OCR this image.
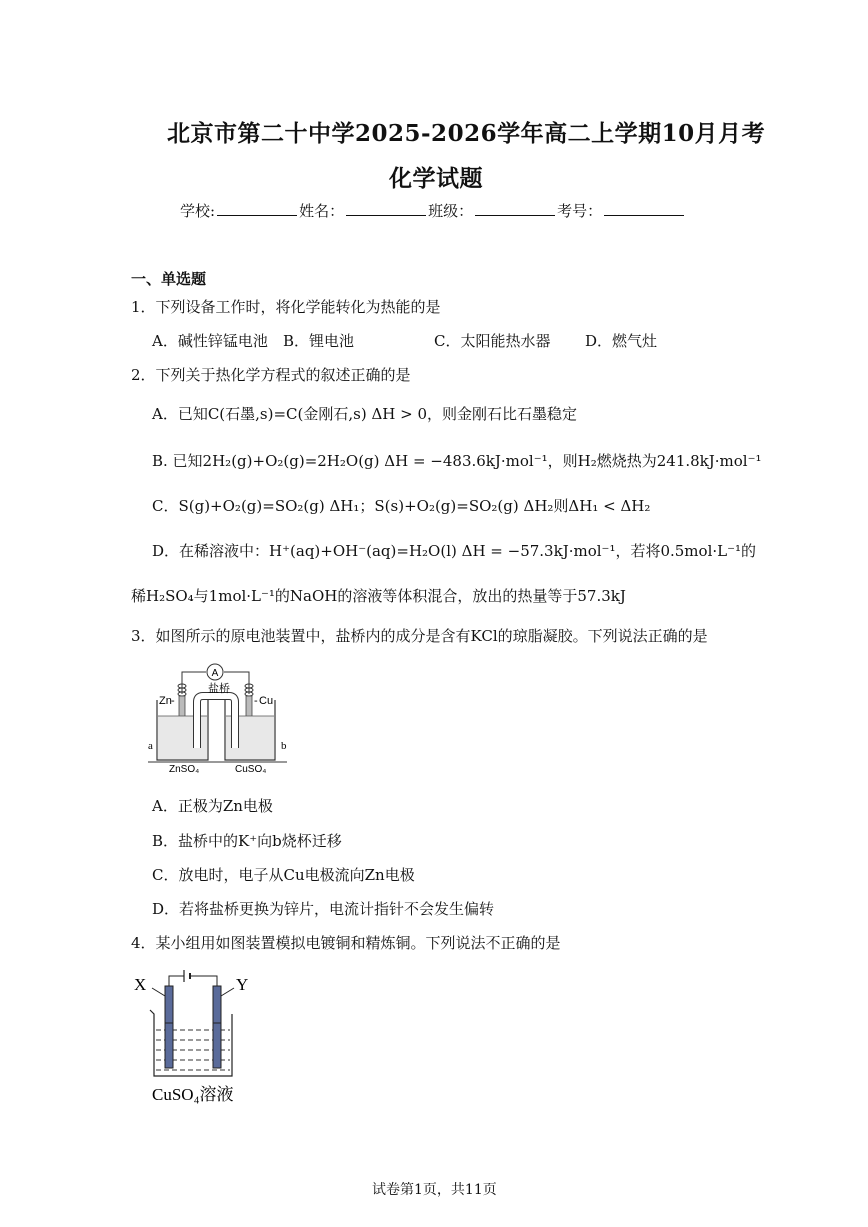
北京市第二十中学2025-2026学年高二上学期10月月考
化学试题
学校:	姓名：	班级：	考号：
一、单选题
1．下列设备工作时，将化学能转化为热能的是
A．碱性锌锰电池 B．锂电池	C．太阳能热水器 D．燃气灶
2．下列关于热化学方程式的叙述正确的是
A．已知C(石墨,s)=C(金刚石,s) ΔH > 0，则金刚石比石墨稳定
B. 已知2H₂(g)+O₂(g)=2H₂O(g) ΔH = −483.6kJ·mol⁻¹，则H₂燃烧热为241.8kJ·mol⁻¹
C．S(g)+O₂(g)=SO₂(g) ΔH₁；S(s)+O₂(g)=SO₂(g) ΔH₂则ΔH₁ < ΔH₂
D．在稀溶液中：H⁺(aq)+OH⁻(aq)=H₂O(l) ΔH = −57.3kJ·mol⁻¹，若将0.5mol·L⁻¹的
稀H₂SO₄与1mol·L⁻¹的NaOH的溶液等体积混合，放出的热量等于57.3kJ
3．如图所示的原电池装置中，盐桥内的成分是含有KCl的琼脂凝胶。下列说法正确的是
A
Zn -	- Cu
盐桥
a	b
ZnSO₄	CuSO₄
A．正极为Zn电极
B．盐桥中的K⁺向b烧杯迁移
C．放电时，电子从Cu电极流向Zn电极
D．若将盐桥更换为锌片，电流计指针不会发生偏转
4．某小组用如图装置模拟电镀铜和精炼铜。下列说法不正确的是
X	Y
CuSO₄溶液
试卷第1页，共11页
